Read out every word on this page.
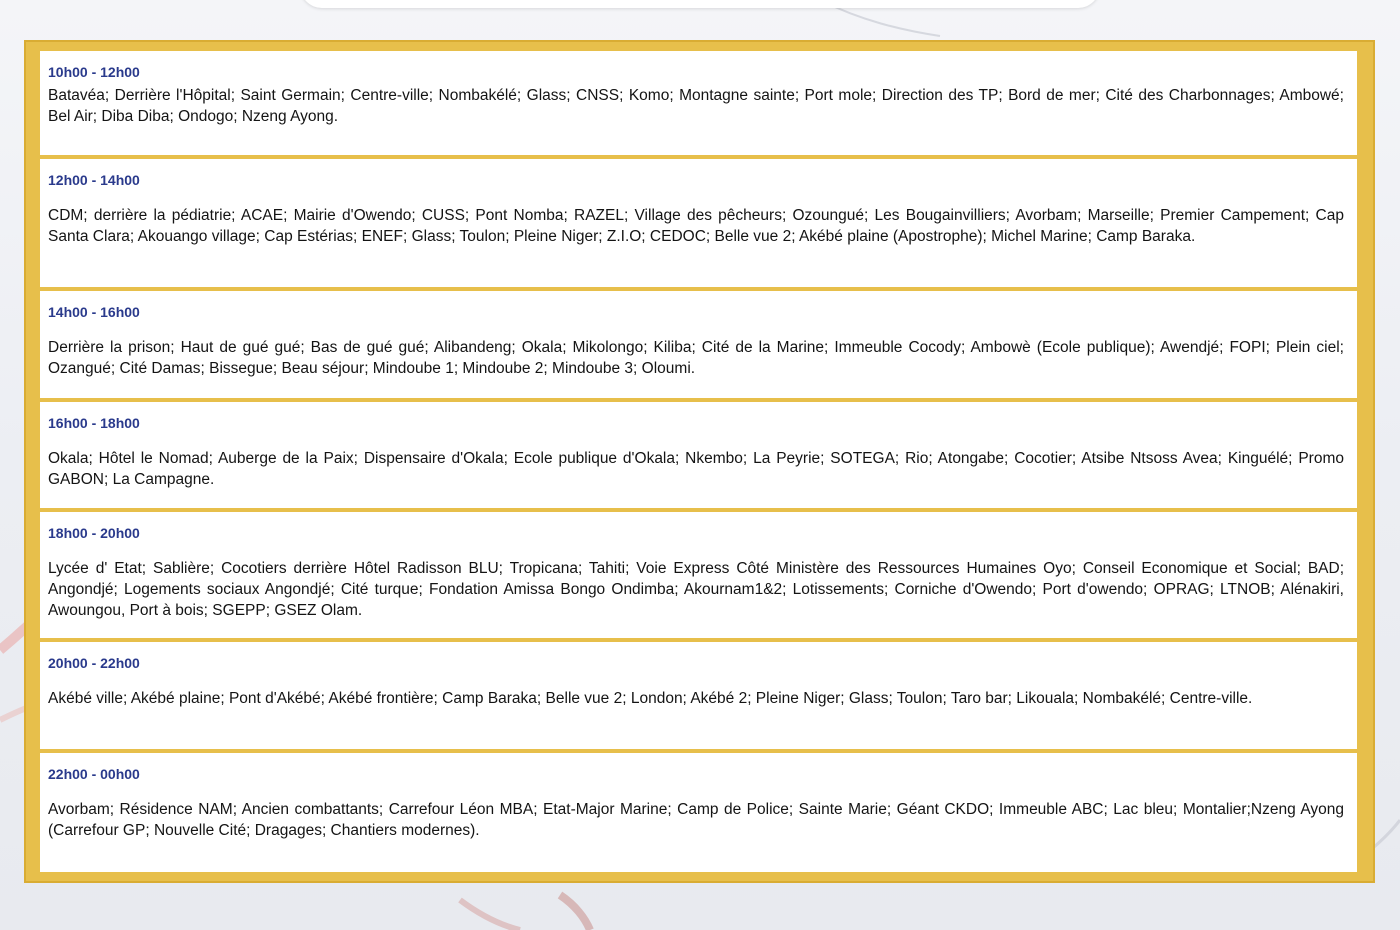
10h00 - 12h00

Batavéa; Derrière l'Hôpital; Saint Germain; Centre-ville; Nombakélé; Glass; CNSS; Komo; Montagne sainte; Port mole; Direction des TP; Bord de mer; Cité des Charbonnages; Ambowé; Bel Air; Diba Diba; Ondogo; Nzeng Ayong.

12h00 - 14h00

CDM; derrière la pédiatrie; ACAE; Mairie d'Owendo; CUSS; Pont Nomba; RAZEL; Village des pêcheurs; Ozoungué; Les Bougainvilliers; Avorbam; Marseille; Premier Campement; Cap Santa Clara; Akouango village; Cap Estérias; ENEF; Glass; Toulon; Pleine Niger; Z.I.O; CEDOC; Belle vue 2; Akébé plaine (Apostrophe); Michel Marine; Camp Baraka.

14h00 - 16h00

Derrière la prison; Haut de gué gué; Bas de gué gué; Alibandeng; Okala; Mikolongo; Kiliba; Cité de la Marine; Immeuble Cocody; Ambowè (Ecole publique); Awendjé; FOPI; Plein ciel; Ozangué; Cité Damas; Bissegue; Beau séjour; Mindoube 1; Mindoube 2; Mindoube 3; Oloumi.

16h00 - 18h00

Okala; Hôtel le Nomad; Auberge de la Paix; Dispensaire d'Okala; Ecole publique d'Okala; Nkembo; La Peyrie; SOTEGA; Rio; Atongabe; Cocotier; Atsibe Ntsoss Avea; Kinguélé; Promo GABON; La Campagne.

18h00 - 20h00

Lycée d' Etat; Sablière; Cocotiers derrière Hôtel Radisson BLU; Tropicana; Tahiti; Voie Express Côté Ministère des Ressources Humaines Oyo; Conseil Economique et Social; BAD; Angondjé; Logements sociaux Angondjé; Cité turque; Fondation Amissa Bongo Ondimba; Akournam1&2; Lotissements; Corniche d'Owendo; Port d'owendo; OPRAG; LTNOB; Alénakiri, Awoungou, Port à bois; SGEPP; GSEZ Olam.

20h00 - 22h00

Akébé ville; Akébé plaine; Pont d'Akébé; Akébé frontière; Camp Baraka; Belle vue 2; London; Akébé 2; Pleine Niger; Glass; Toulon; Taro bar; Likouala; Nombakélé; Centre-ville.

22h00 - 00h00

Avorbam; Résidence NAM; Ancien combattants; Carrefour Léon MBA; Etat-Major Marine; Camp de Police; Sainte Marie; Géant CKDO; Immeuble ABC; Lac bleu; Montalier;Nzeng Ayong (Carrefour GP; Nouvelle Cité; Dragages; Chantiers modernes).
